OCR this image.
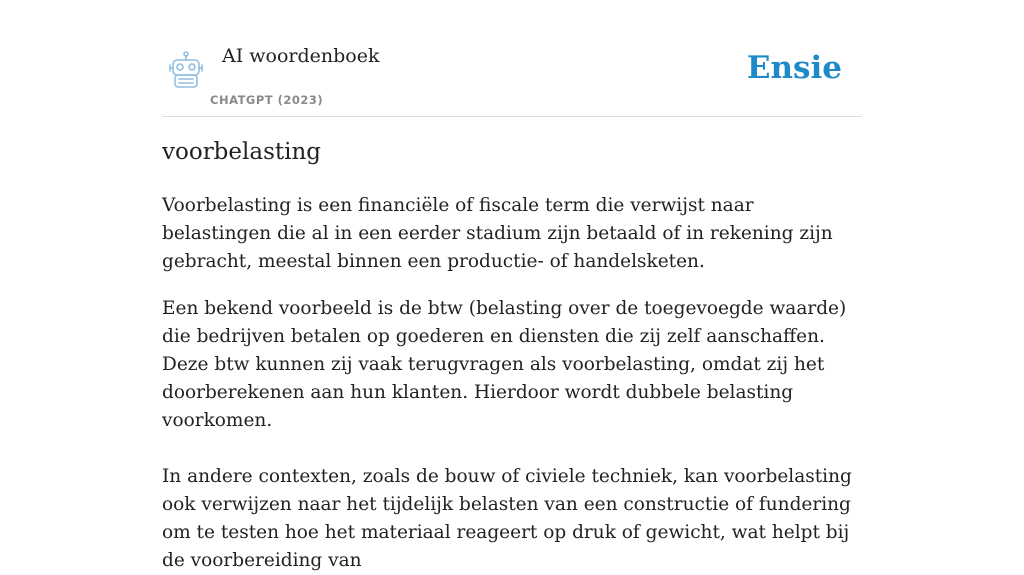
AI woordenboek
CHATGPT (2023)
Ensie
voorbelasting

Voorbelasting is een financiële of fiscale term die verwijst naar belastingen die al in een eerder stadium zijn betaald of in rekening zijn gebracht, meestal binnen een productie- of handelsketen.

Een bekend voorbeeld is de btw (belasting over de toegevoegde waarde) die bedrijven betalen op goederen en diensten die zij zelf aanschaffen. Deze btw kunnen zij vaak terugvragen als voorbelasting, omdat zij het doorberekenen aan hun klanten. Hierdoor wordt dubbele belasting voorkomen.

In andere contexten, zoals de bouw of civiele techniek, kan voorbelasting ook verwijzen naar het tijdelijk belasten van een constructie of fundering om te testen hoe het materiaal reageert op druk of gewicht, wat helpt bij de voorbereiding van
